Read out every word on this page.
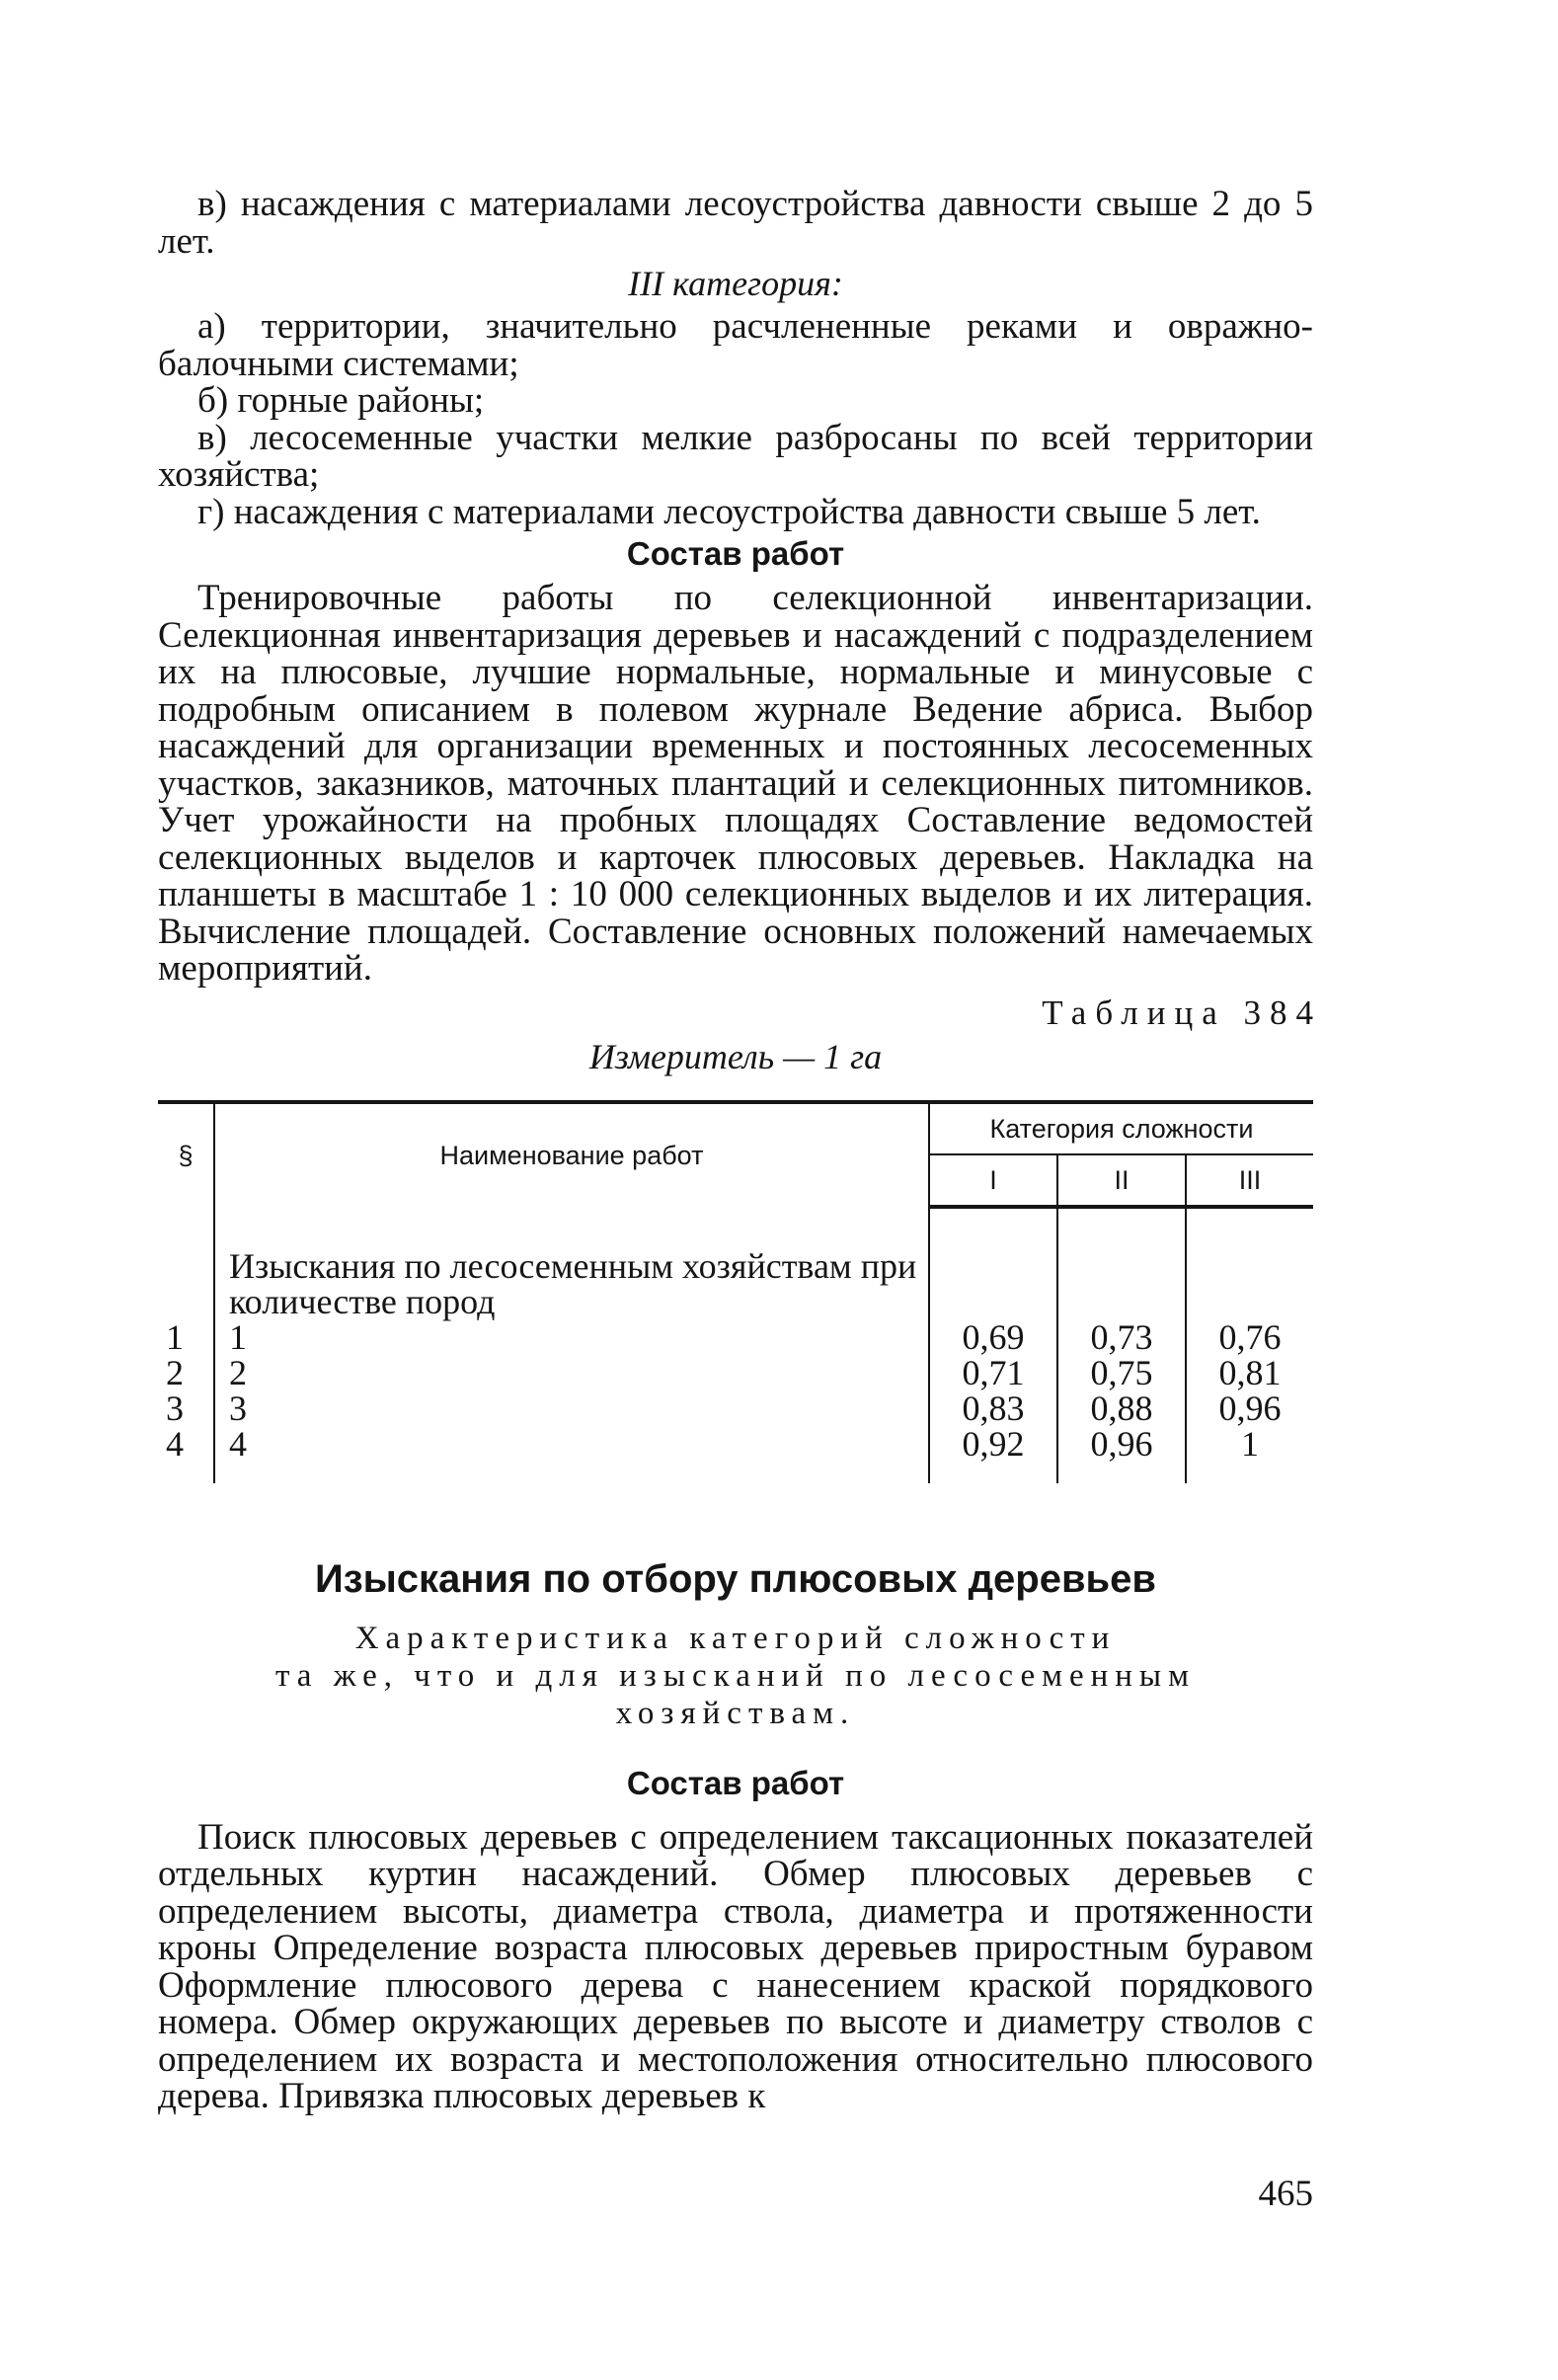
в) насаждения с материалами лесоустройства давности свыше 2 до 5 лет.

III категория:

а) территории, значительно расчлененные реками и овражно-балочными системами;

б) горные районы;

в) лесосеменные участки мелкие разбросаны по всей территории хозяйства;

г) насаждения с материалами лесоустройства давности свыше 5 лет.

Состав работ

Тренировочные работы по селекционной инвентаризации. Селекционная инвентаризация деревьев и насаждений с подразделением их на плюсовые, лучшие нормальные, нормальные и минусовые с подробным описанием в полевом журнале Ведение абриса. Выбор насаждений для организации временных и постоянных лесосеменных участков, заказников, маточных плантаций и селекционных питомников. Учет урожайности на пробных площадях Составление ведомостей селекционных выделов и карточек плюсовых деревьев. Накладка на планшеты в масштабе 1 : 10 000 селекционных выделов и их литерация. Вычисление площадей. Составление основных положений намечаемых мероприятий.

Таблица 384
Измеритель — 1 га
§	Наименование работ	Категория сложности		
		I	II	III
	Изыскания по лесосеменным хозяйствам при количестве пород			
1	1	0,69	0,73	0,76
2	2	0,71	0,75	0,81
3	3	0,83	0,88	0,96
4	4	0,92	0,96	1
Изыскания по отбору плюсовых деревьев
Характеристика категорий сложности
та же, что и для изысканий по лесосеменным
хозяйствам.
Состав работ

Поиск плюсовых деревьев с определением таксационных показателей отдельных куртин насаждений. Обмер плюсовых деревьев с определением высоты, диаметра ствола, диаметра и протяженности кроны Определение возраста плюсовых деревьев приростным буравом Оформление плюсового дерева с нанесением краской порядкового номера. Обмер окружающих деревьев по высоте и диаметру стволов с определением их возраста и местоположения относительно плюсового дерева. Привязка плюсовых деревьев к

465
